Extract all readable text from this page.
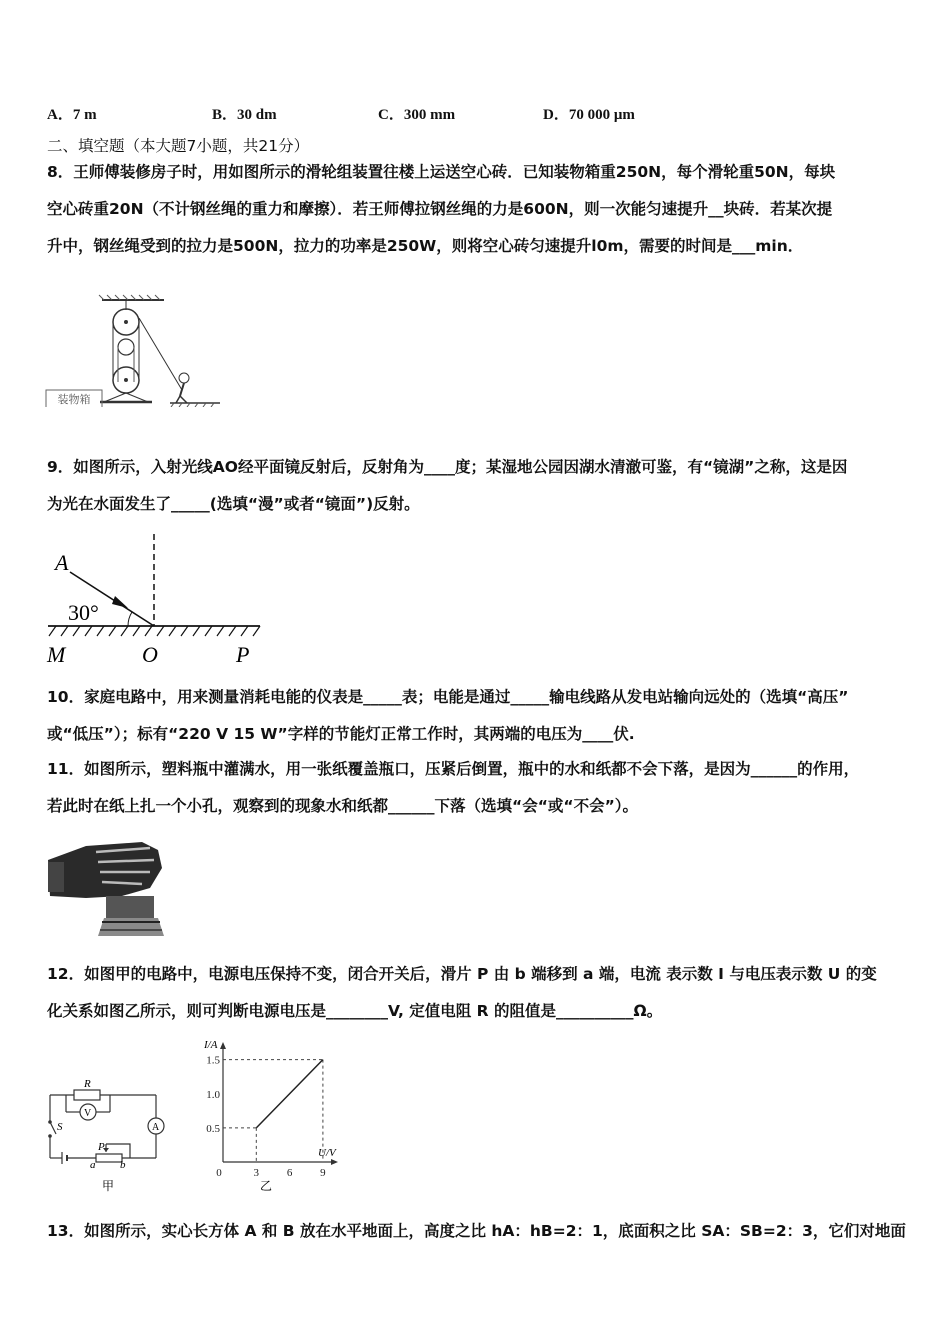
A．7 m	B．30 dm	C．300 mm	D．70 000 μm
二、填空题（本大题7小题，共21分）
8．王师傅装修房子时，用如图所示的滑轮组装置往楼上运送空心砖．已知装物箱重250N，每个滑轮重50N，每块
空心砖重20N（不计钢丝绳的重力和摩擦）．若王师傅拉钢丝绳的力是600N，则一次能匀速提升__块砖．若某次提
升中，钢丝绳受到的拉力是500N，拉力的功率是250W，则将空心砖匀速提升l0m，需要的时间是___min．
装物箱
9．如图所示，入射光线AO经平面镜反射后，反射角为____度；某湿地公园因湖水清澈可鉴，有“镜湖”之称，这是因
为光在水面发生了_____(选填“漫”或者“镜面”)反射。
A
30°
M	O	P
10．家庭电路中，用来测量消耗电能的仪表是_____表；电能是通过_____输电线路从发电站输向远处的（选填“高压”
或“低压”）；标有“220 V 15 W”字样的节能灯正常工作时，其两端的电压为____伏.
11．如图所示，塑料瓶中灌满水，用一张纸覆盖瓶口，压紧后倒置，瓶中的水和纸都不会下落，是因为______的作用，
若此时在纸上扎一个小孔，观察到的现象水和纸都______下落（选填“会“或“不会”）。
12．如图甲的电路中，电源电压保持不变，闭合开关后，滑片 P 由 b 端移到 a 端，电流 表示数 I 与电压表示数 U 的变
化关系如图乙所示，则可判断电源电压是________V, 定值电阻 R 的阻值是__________Ω。
R
V
A
S
P
a b
甲
1.5
1.0
0.5
0	3	6	9
I/A
U/V
乙
13．如图所示，实心长方体 A 和 B 放在水平地面上，高度之比 hA：hB=2：1，底面积之比 SA：SB=2：3，它们对地面
